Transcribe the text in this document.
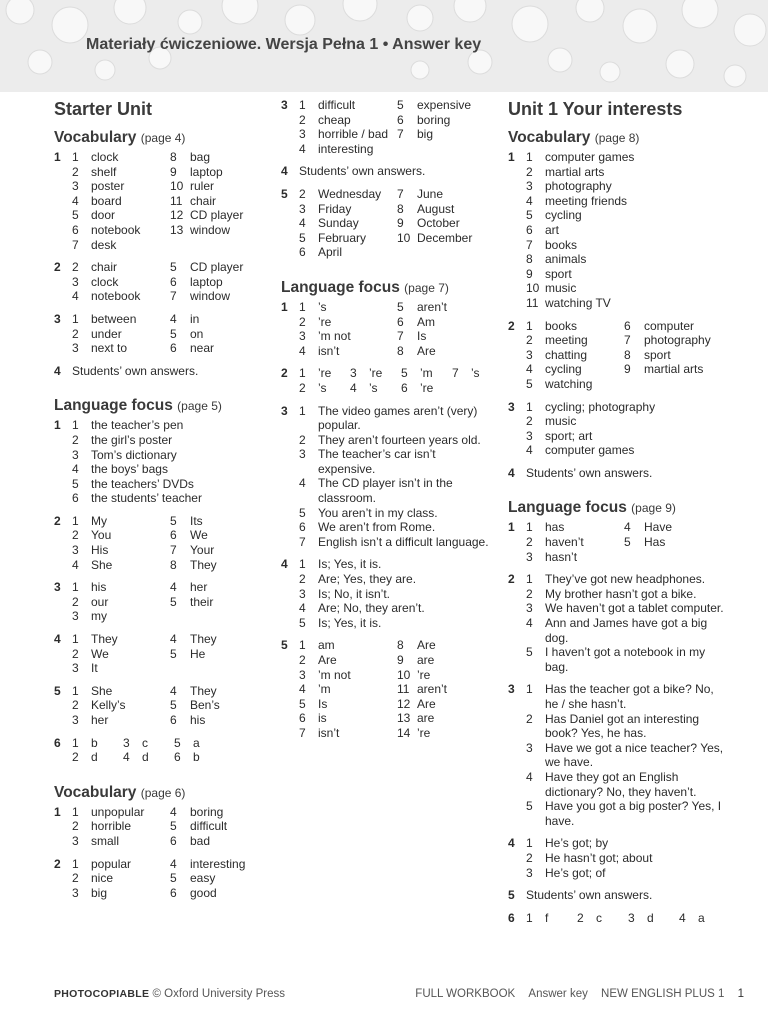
Materiały ćwiczeniowe. Wersja Pełna 1 • Answer key
Starter Unit
Vocabulary (page 4)
1 1	clock	8	bag
2	shelf	9	laptop
3	poster	10 ruler
4	board	11 chair
5	door	12 CD player
6	notebook	13 window
7	desk
2 2	chair	5	CD player
3	clock	6	laptop
4	notebook	7	window
3 1	between	4	in
2	under	5	on
3	next to	6	near
4 Students’ own answers.
Language focus (page 5)
1 1	the teacher’s pen
2	the girl’s poster
3	Tom’s dictionary
4	the boys’ bags
5	the teachers’ DVDs
6	the students’ teacher
2 1	My	5	Its
2	You	6	We
3	His	7	Your
4	She	8	They
3 1	his	4	her
2	our	5	their
3	my
4 1	They	4	They
2	We	5	He
3	It
5 1	She	4	They
2	Kelly’s	5	Ben’s
3	her	6	his
6 1	b	3	c	5	a
2	d	4	d	6	b
Vocabulary (page 6)
1 1	unpopular	4	boring
2	horrible	5	difficult
3	small	6	bad
2 1	popular	4	interesting
2	nice	5	easy
3	big	6	good
3 1	difficult	5	expensive
2	cheap	6	boring
3	horrible / bad 7	big
4	interesting
4 Students’ own answers.
5 2	Wednesday	7	June
3	Friday	8	August
4	Sunday	9	October
5	February	10 December
6	April
Language focus (page 7)
1 1	’s	5	aren’t
2	’re	6	Am
3	’m not	7	Is
4	isn’t	8	Are
2 1	’re	3	’re	5	’m	7	’s
2	’s	4	’s	6	’re
3 1	The video games aren’t (very) popular.
2	They aren’t fourteen years old.
3	The teacher’s car isn’t expensive.
4	The CD player isn’t in the classroom.
5	You aren’t in my class.
6	We aren’t from Rome.
7	English isn’t a difficult language.
4 1	Is; Yes, it is.
2	Are; Yes, they are.
3	Is; No, it isn’t.
4	Are; No, they aren’t.
5	Is; Yes, it is.
5 1	am	8	Are
2	Are	9	are
3	’m not	10 ’re
4	’m	11 aren’t
5	Is	12 Are
6	is	13 are
7	isn’t	14 ’re
Unit 1 Your interests
Vocabulary (page 8)
1 1	computer games
2	martial arts
3	photography
4	meeting friends
5	cycling
6	art
7	books
8	animals
9	sport
10 music
11 watching TV
2 1	books	6	computer
2	meeting	7	photography
3	chatting	8	sport
4	cycling	9	martial arts
5	watching
3 1	cycling; photography
2	music
3	sport; art
4	computer games
4 Students’ own answers.
Language focus (page 9)
1 1	has	4	Have
2	haven’t	5	Has
3	hasn’t
2 1	They’ve got new headphones.
2	My brother hasn’t got a bike.
3	We haven’t got a tablet computer.
4	Ann and James have got a big dog.
5	I haven’t got a notebook in my bag.
3 1	Has the teacher got a bike? No, he / she hasn’t.
2	Has Daniel got an interesting book? Yes, he has.
3	Have we got a nice teacher? Yes, we have.
4	Have they got an English dictionary? No, they haven’t.
5	Have you got a big poster? Yes, I have.
4 1	He’s got; by
2	He hasn’t got; about
3	He’s got; of
5 Students’ own answers.
6 1	f	2	c	3	d	4	a
PHOTOCOPIABLE © Oxford University Press	FULL WORKBOOK Answer key NEW ENGLISH PLUS 1 1
